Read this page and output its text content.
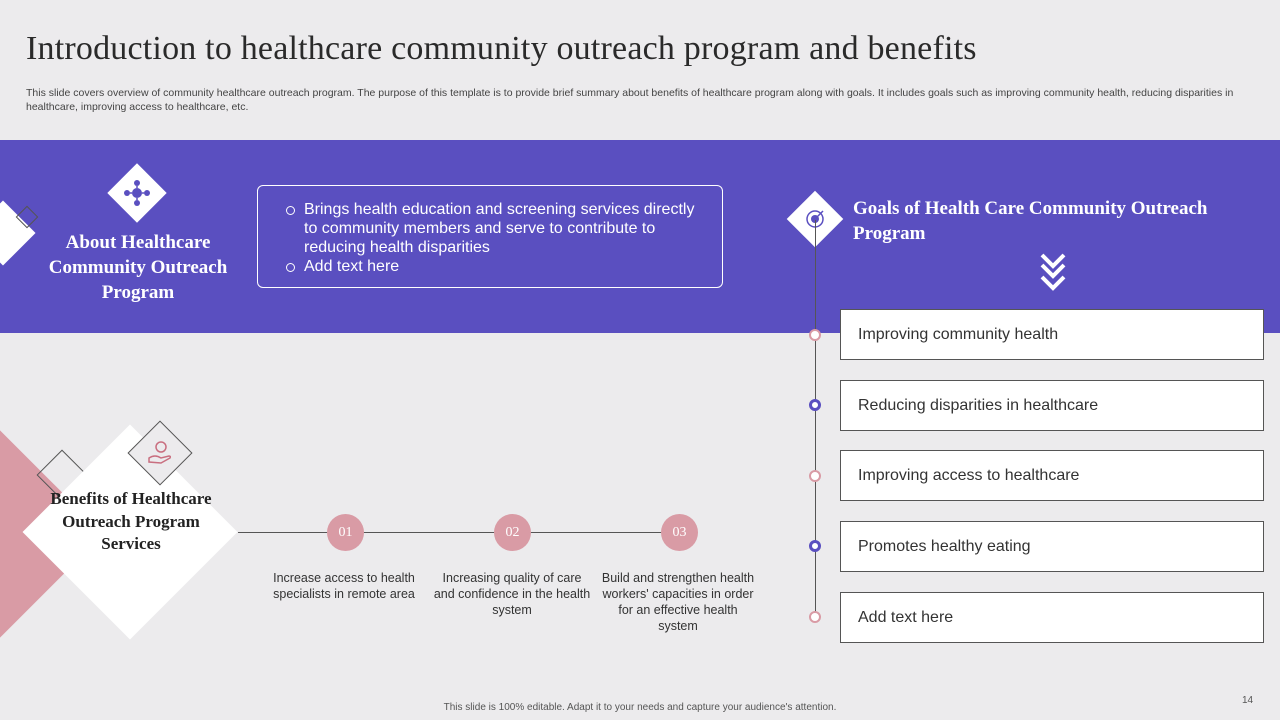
Introduction to healthcare community outreach program and benefits
This slide covers overview of community healthcare outreach program. The purpose of this template is to provide brief summary about benefits of healthcare program along with goals. It includes goals such as improving community health, reducing disparities in healthcare, improving access to healthcare, etc.
About Healthcare Community Outreach Program
Brings health education and screening services directly to community members and serve to contribute to reducing health disparities
Add text here
Goals of Health Care Community Outreach Program
Improving community health
Reducing disparities in healthcare
Improving access to healthcare
Promotes healthy eating
Add text here
Benefits of Healthcare Outreach Program Services
01	02	03
Increase access to health specialists in remote area
Increasing quality of care and confidence in the health system
Build and strengthen health workers' capacities in order for an effective health system
This slide is 100% editable. Adapt it to your needs and capture your audience's attention.
14
